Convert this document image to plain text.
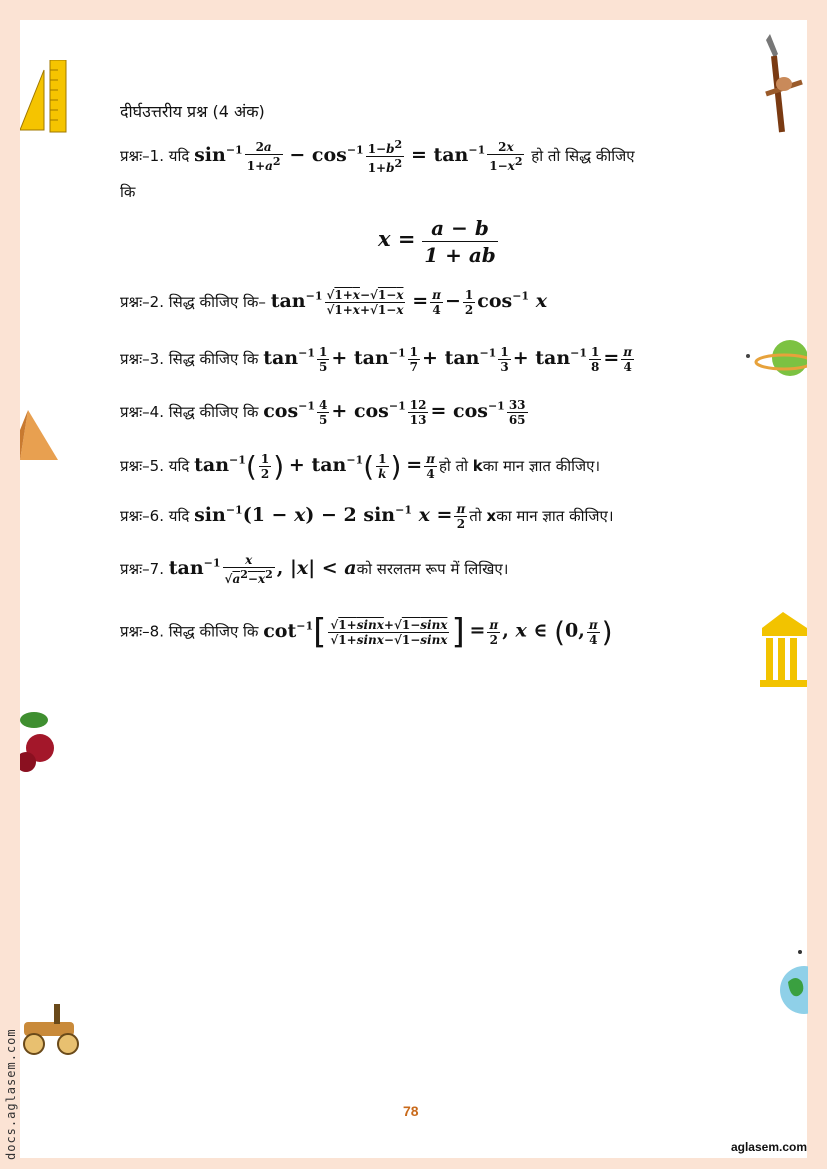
दीर्घउत्तरीय प्रश्न (4 अंक)
प्रश्नः–1. यदि $\sin^{-1} \frac{2a}{1+a^2} - \cos^{-1} \frac{1-b^2}{1+b^2} = \tan^{-1} \frac{2x}{1-x^2}$ हो तो सिद्ध कीजिए
कि
$x = \frac{a - b}{1 + ab}$
प्रश्नः–2. सिद्ध कीजिए कि– $\tan^{-1} \frac{√1+x-√1-x}{√1+x+√1-x} = \frac{\pi}{4} - \frac{1}{2} \cos^{-1} x$
प्रश्नः–3. सिद्ध कीजिए कि $\tan^{-1} \frac{1}{5} + \tan^{-1} \frac{1}{7} + \tan^{-1} \frac{1}{3} + \tan^{-1} \frac{1}{8} = \frac{\pi}{4}$
प्रश्नः–4. सिद्ध कीजिए कि $\cos^{-1} \frac{4}{5} + \cos^{-1} \frac{12}{13} = \cos^{-1} \frac{33}{65}$
प्रश्नः–5. यदि $\tan^{-1}( \frac{1}{2}$ ) + $\tan^{-1}( \frac{1}{k}$ ) = $\frac{\pi}{4}$ हो तो kका मान ज्ञात कीजिए।
प्रश्नः–6. यदि $\sin^{-1}(1 - x) - 2$ $\sin^{-1} x = \frac{\pi}{2}$ तो xका मान ज्ञात कीजिए।
प्रश्नः–7. $\tan^{-1} \frac{x}{√a^2-x^2}$ , |x| < aको सरलतम रूप में लिखिए।
प्रश्नः–8. सिद्ध कीजिए कि $\cot^{-1}[ \frac{√1+\sin x+√1-\sin x}{√1+\sin x-√1-\sin x}$ ] = $\frac{\pi}{2}$ , x ∈ (0, $\frac{\pi}{4}$ )
78
aglasem.com
docs.aglasem.com
